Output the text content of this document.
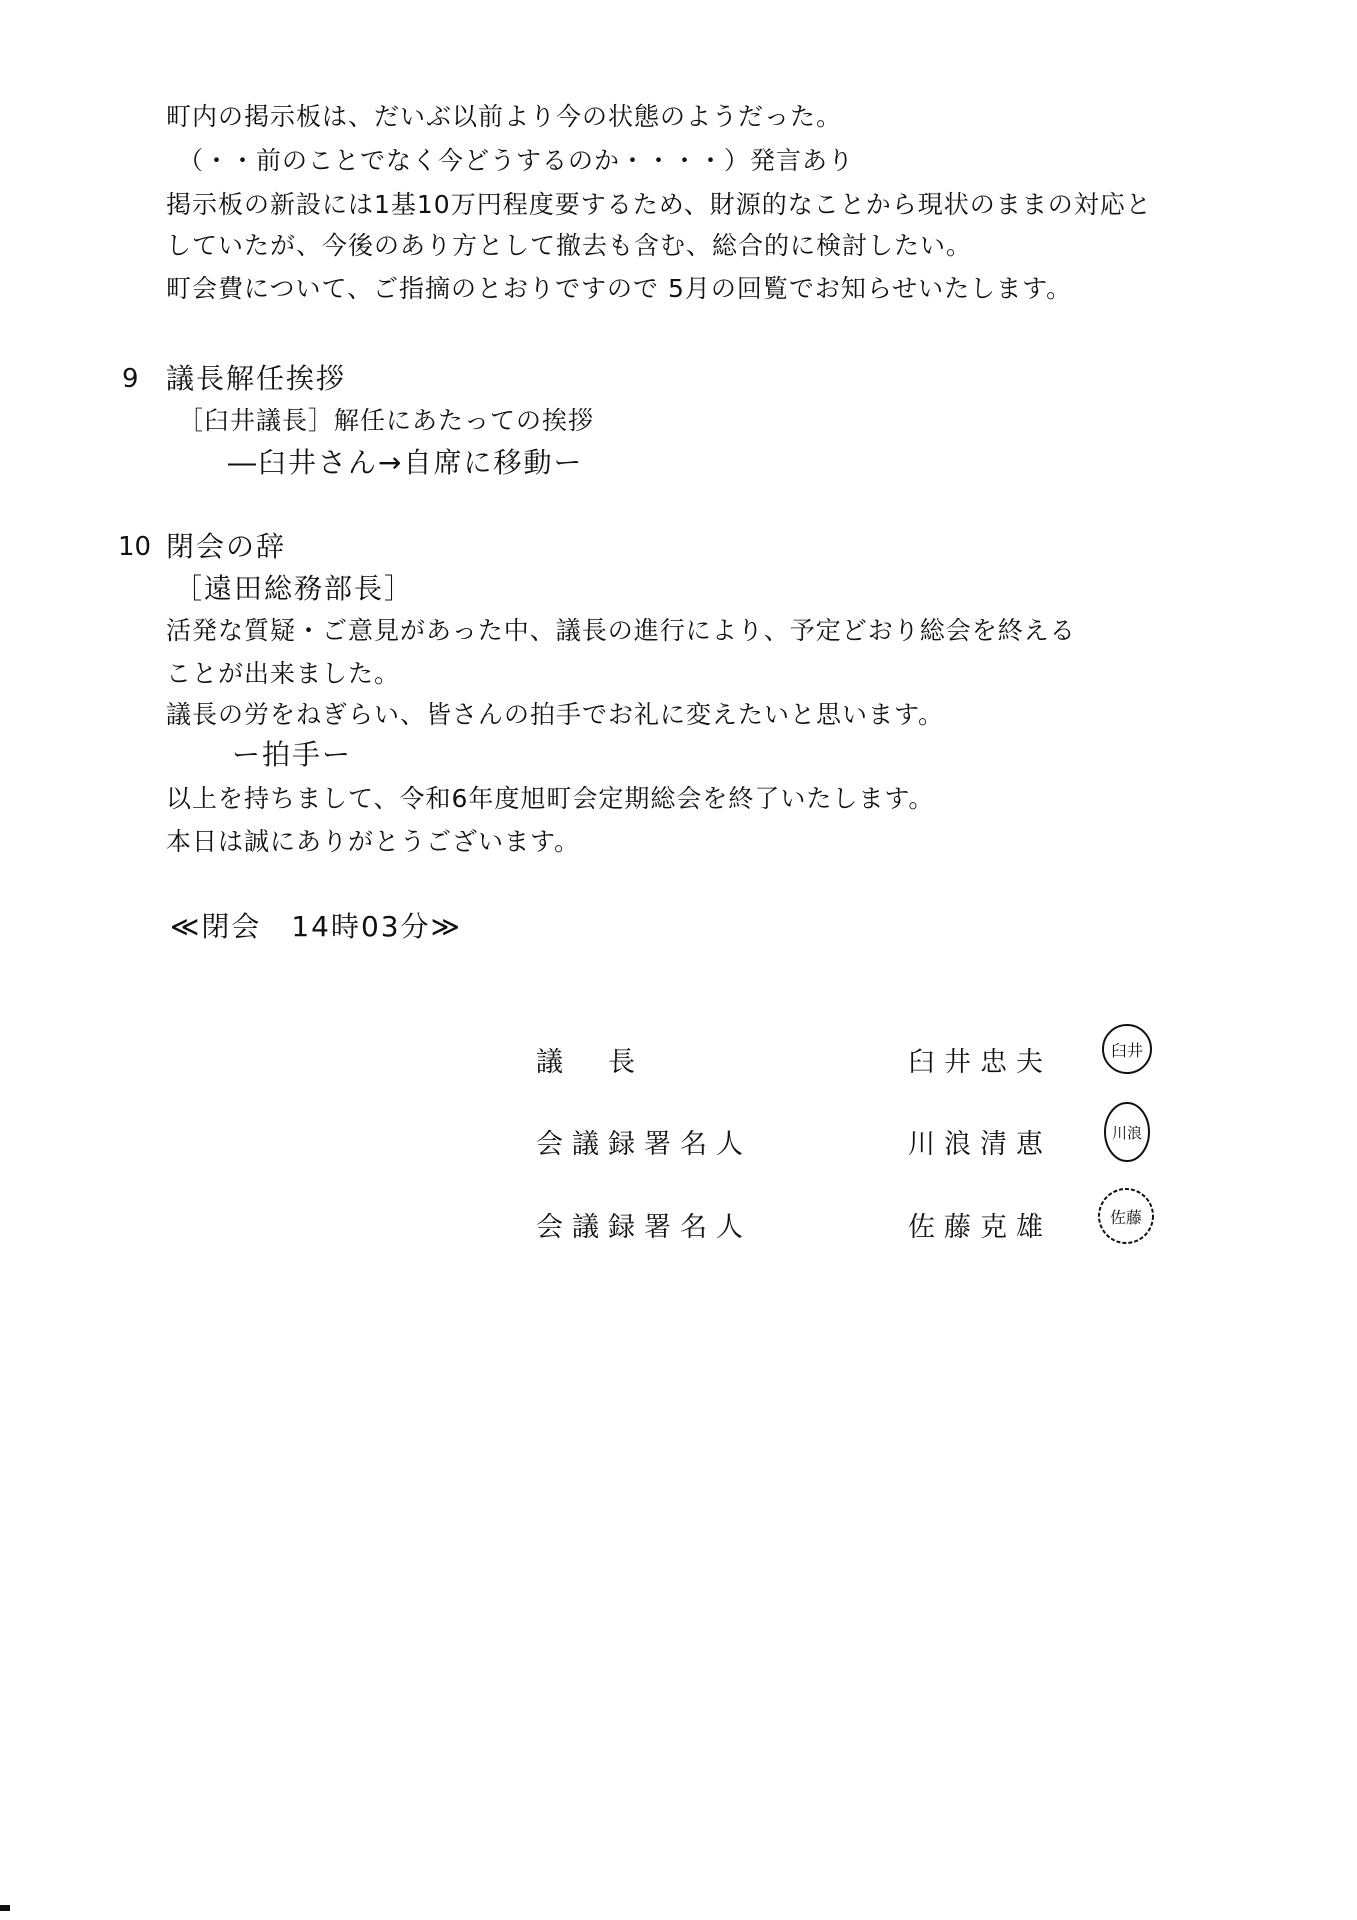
町内の掲示板は、だいぶ以前より今の状態のようだった。
（・・前のことでなく今どうするのか・・・・）発言あり
掲示板の新設には1基10万円程度要するため、財源的なことから現状のままの対応と
していたが、今後のあり方として撤去も含む、総合的に検討したい。
町会費について、ご指摘のとおりですので 5月の回覧でお知らせいたします。
9 議長解任挨拶
［臼井議長］解任にあたっての挨拶
―臼井さん→自席に移動ー
10 閉会の辞
［遠田総務部長］
活発な質疑・ご意見があった中、議長の進行により、予定どおり総会を終える
ことが出来ました。
議長の労をねぎらい、皆さんの拍手でお礼に変えたいと思います。
ー拍手ー
以上を持ちまして、令和6年度旭町会定期総会を終了いたします。
本日は誠にありがとうございます。
≪閉会　14時03分≫
議　長	臼井忠夫	臼井
会議録署名人	川浪清恵	川浪
会議録署名人	佐藤克雄	佐藤
